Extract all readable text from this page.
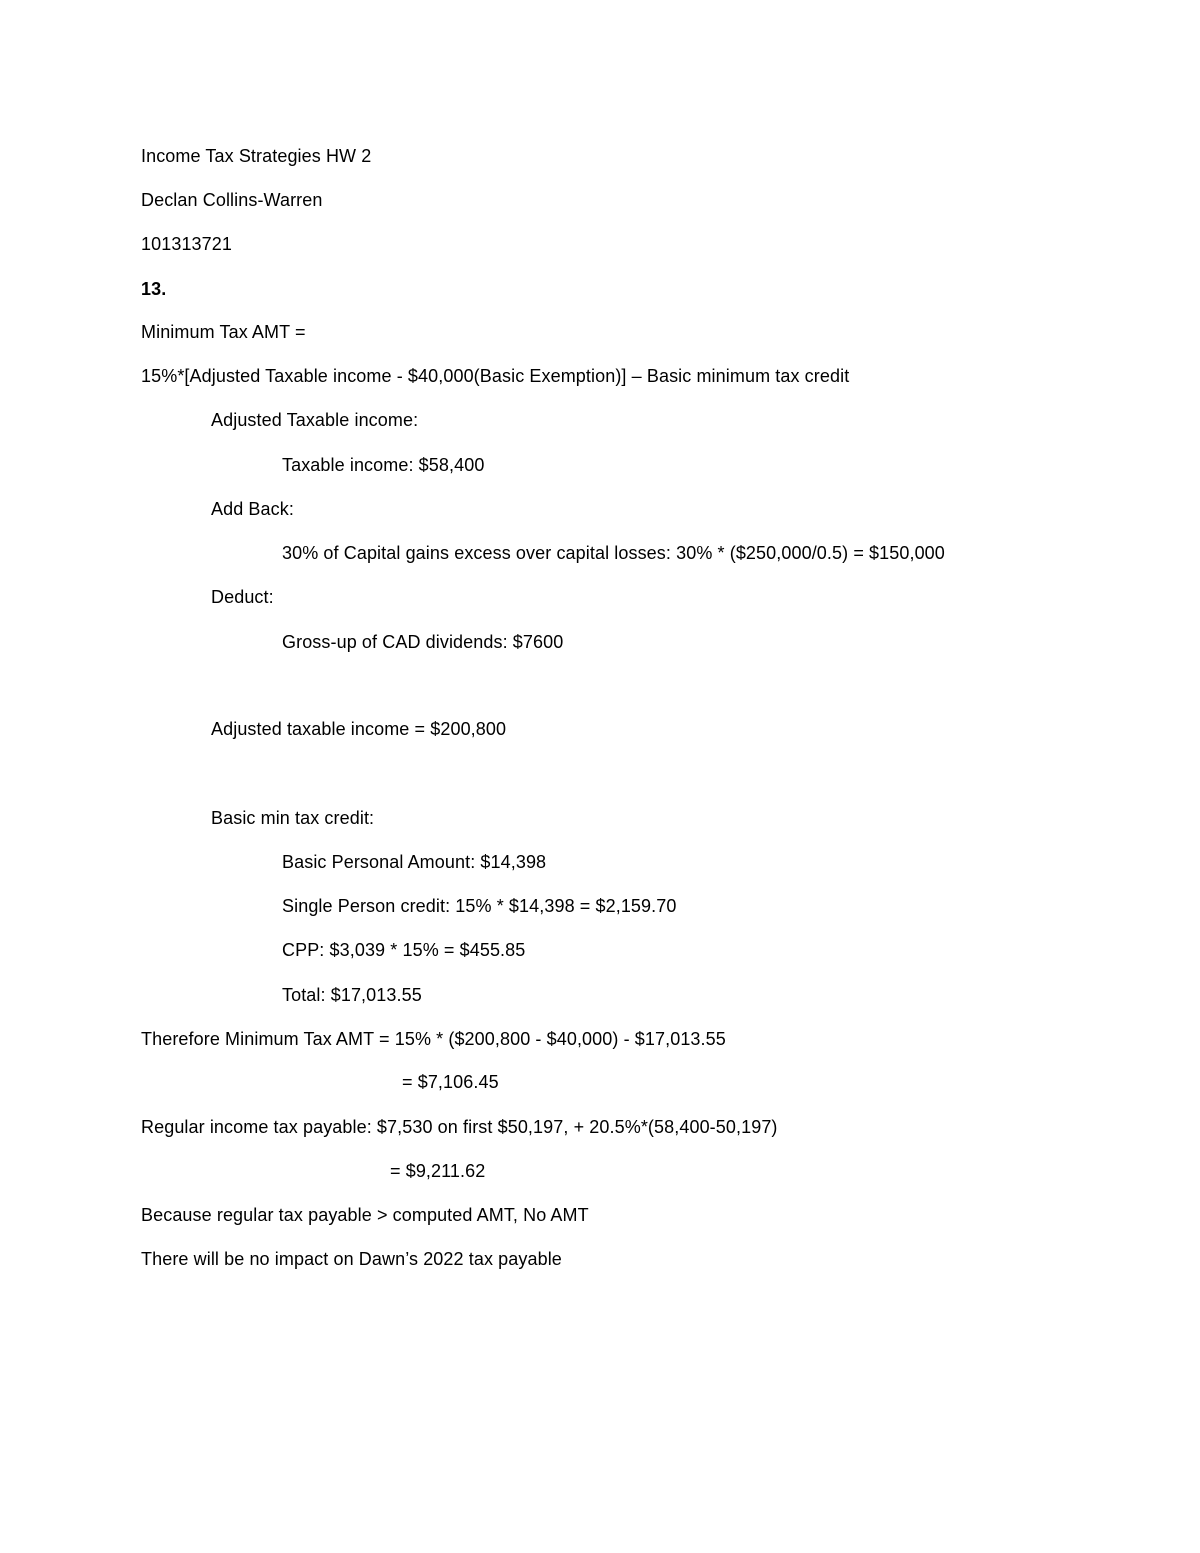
Income Tax Strategies HW 2
Declan Collins-Warren
101313721
13.
Minimum Tax AMT =
15%*[Adjusted Taxable income - $40,000(Basic Exemption)] – Basic minimum tax credit
Adjusted Taxable income:
Taxable income: $58,400
Add Back:
30% of Capital gains excess over capital losses: 30% * ($250,000/0.5) = $150,000
Deduct:
Gross-up of CAD dividends: $7600
Adjusted taxable income = $200,800
Basic min tax credit:
Basic Personal Amount: $14,398
Single Person credit: 15% * $14,398 = $2,159.70
CPP: $3,039 * 15% = $455.85
Total: $17,013.55
Therefore Minimum Tax AMT = 15% * ($200,800 - $40,000) - $17,013.55
= $7,106.45
Regular income tax payable: $7,530 on first $50,197, + 20.5%*(58,400-50,197)
= $9,211.62
Because regular tax payable > computed AMT, No AMT
There will be no impact on Dawn’s 2022 tax payable
